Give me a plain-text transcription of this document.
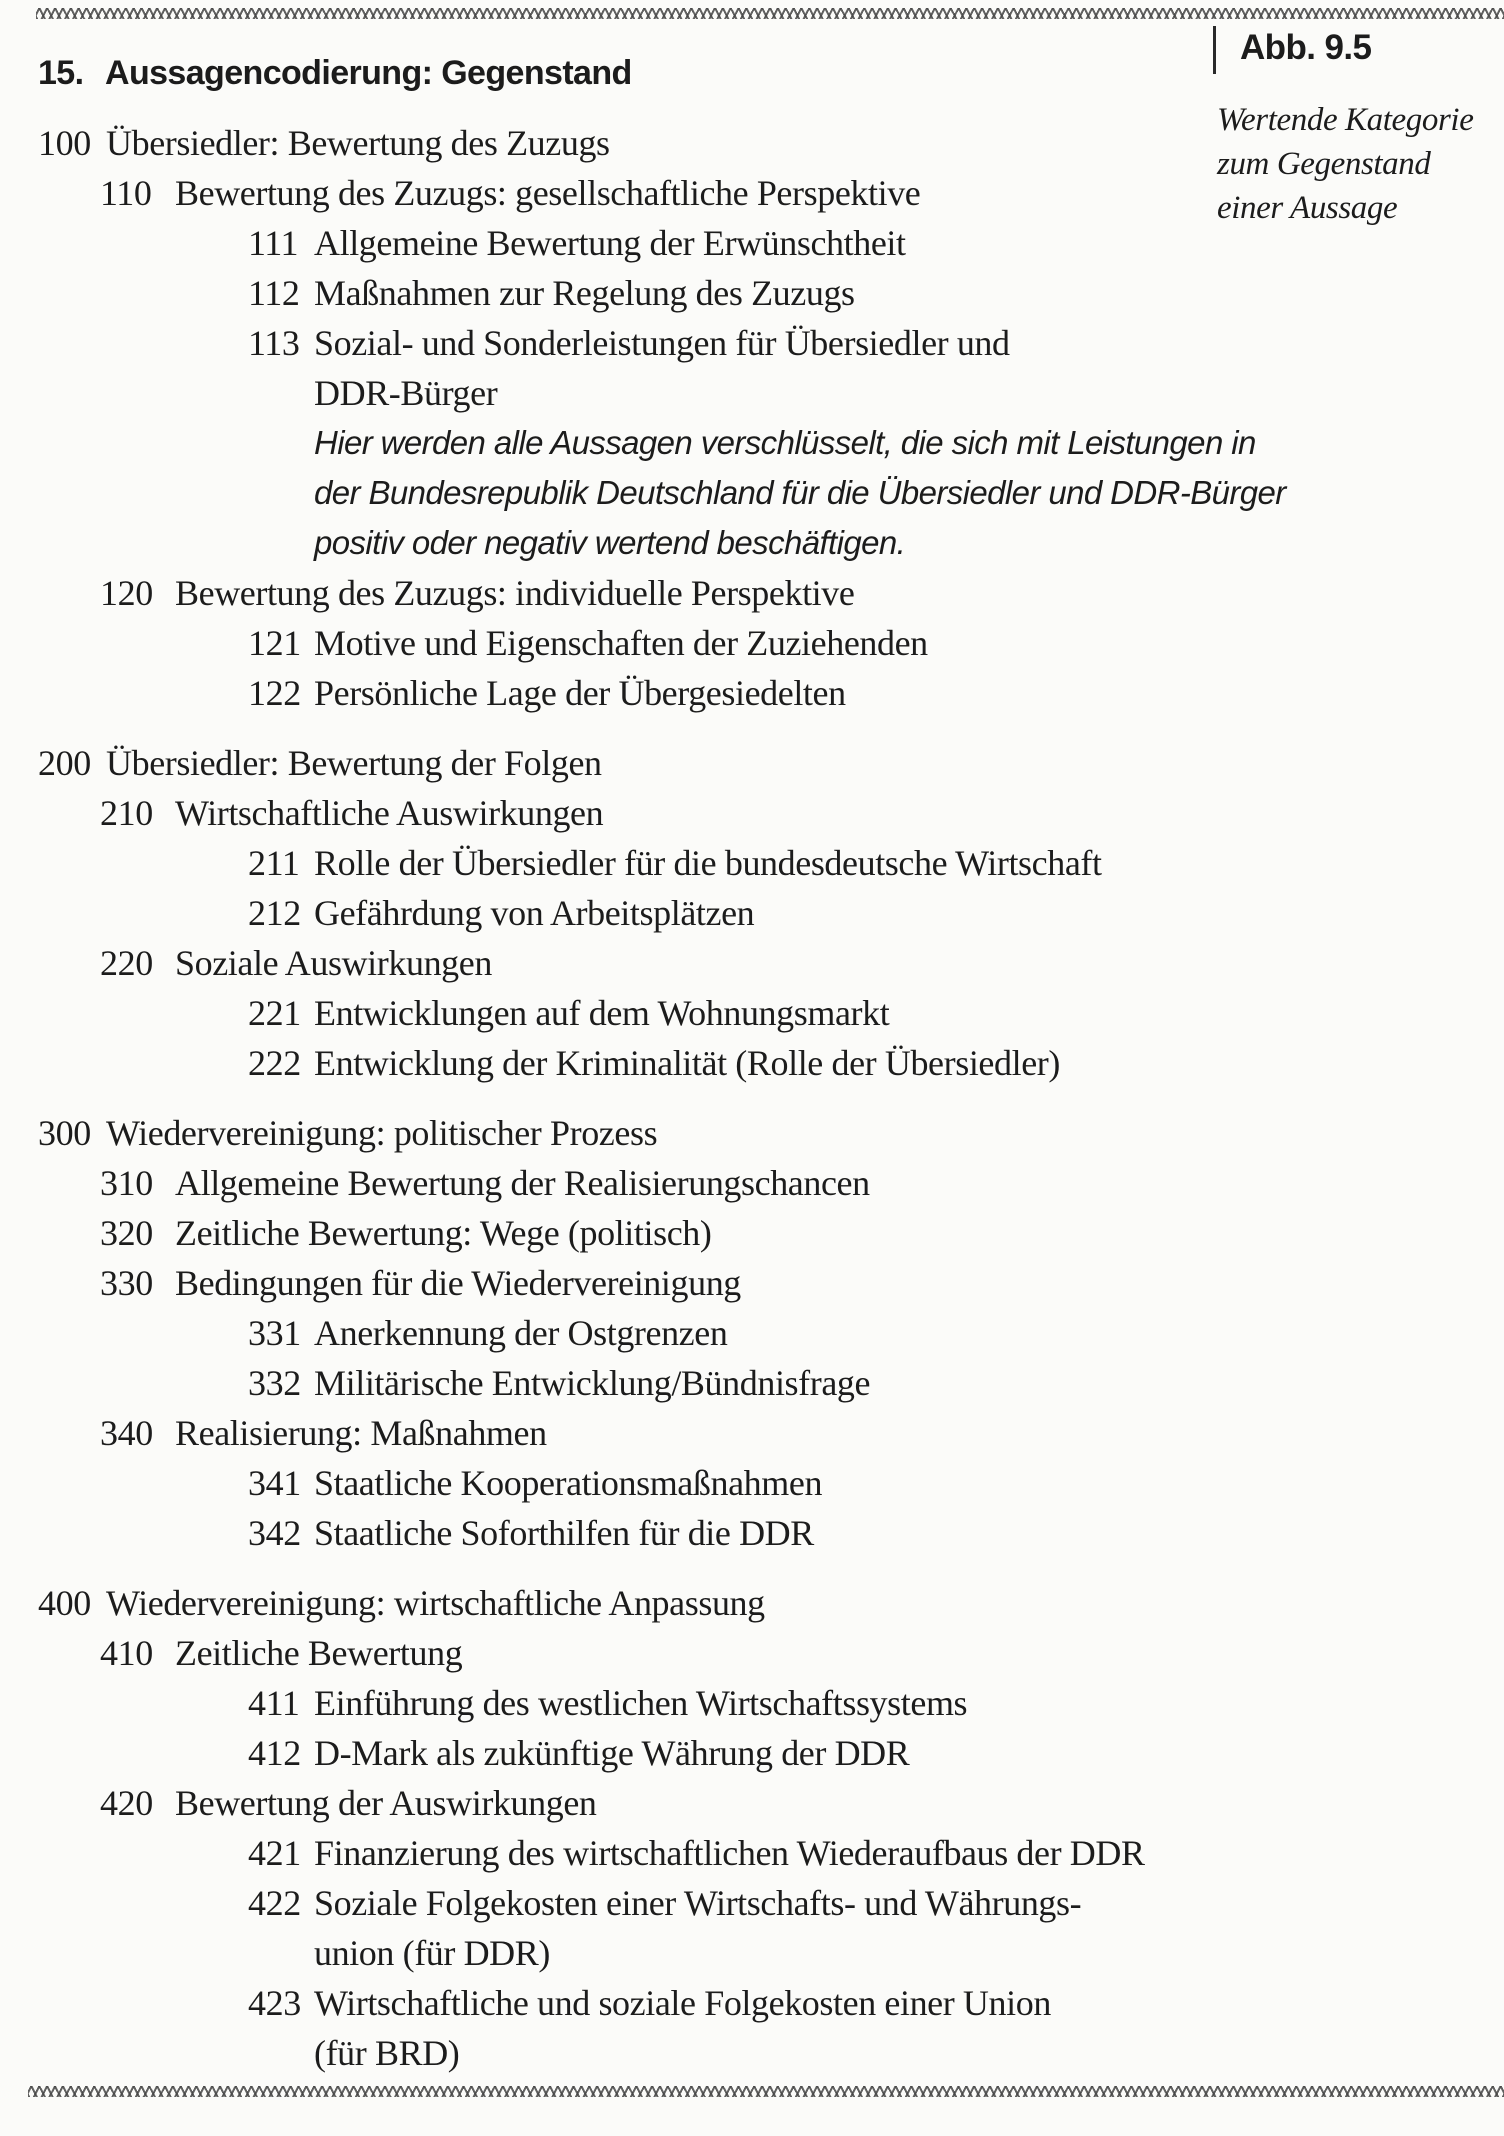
15. Aussagencodierung: Gegenstand
Abb. 9.5
Wertende Kategorie
zum Gegenstand
einer Aussage
100 Übersiedler: Bewertung des Zuzugs
110 Bewertung des Zuzugs: gesellschaftliche Perspektive
111 Allgemeine Bewertung der Erwünschtheit
112 Maßnahmen zur Regelung des Zuzugs
113 Sozial- und Sonderleistungen für Übersiedler und
DDR-Bürger
Hier werden alle Aussagen verschlüsselt, die sich mit Leistungen in
der Bundesrepublik Deutschland für die Übersiedler und DDR-Bürger
positiv oder negativ wertend beschäftigen.
120 Bewertung des Zuzugs: individuelle Perspektive
121 Motive und Eigenschaften der Zuziehenden
122 Persönliche Lage der Übergesiedelten
200 Übersiedler: Bewertung der Folgen
210 Wirtschaftliche Auswirkungen
211 Rolle der Übersiedler für die bundesdeutsche Wirtschaft
212 Gefährdung von Arbeitsplätzen
220 Soziale Auswirkungen
221 Entwicklungen auf dem Wohnungsmarkt
222 Entwicklung der Kriminalität (Rolle der Übersiedler)
300 Wiedervereinigung: politischer Prozess
310 Allgemeine Bewertung der Realisierungschancen
320 Zeitliche Bewertung: Wege (politisch)
330 Bedingungen für die Wiedervereinigung
331 Anerkennung der Ostgrenzen
332 Militärische Entwicklung/Bündnisfrage
340 Realisierung: Maßnahmen
341 Staatliche Kooperationsmaßnahmen
342 Staatliche Soforthilfen für die DDR
400 Wiedervereinigung: wirtschaftliche Anpassung
410 Zeitliche Bewertung
411 Einführung des westlichen Wirtschaftssystems
412 D-Mark als zukünftige Währung der DDR
420 Bewertung der Auswirkungen
421 Finanzierung des wirtschaftlichen Wiederaufbaus der DDR
422 Soziale Folgekosten einer Wirtschafts- und Währungs-
union (für DDR)
423 Wirtschaftliche und soziale Folgekosten einer Union
(für BRD)
